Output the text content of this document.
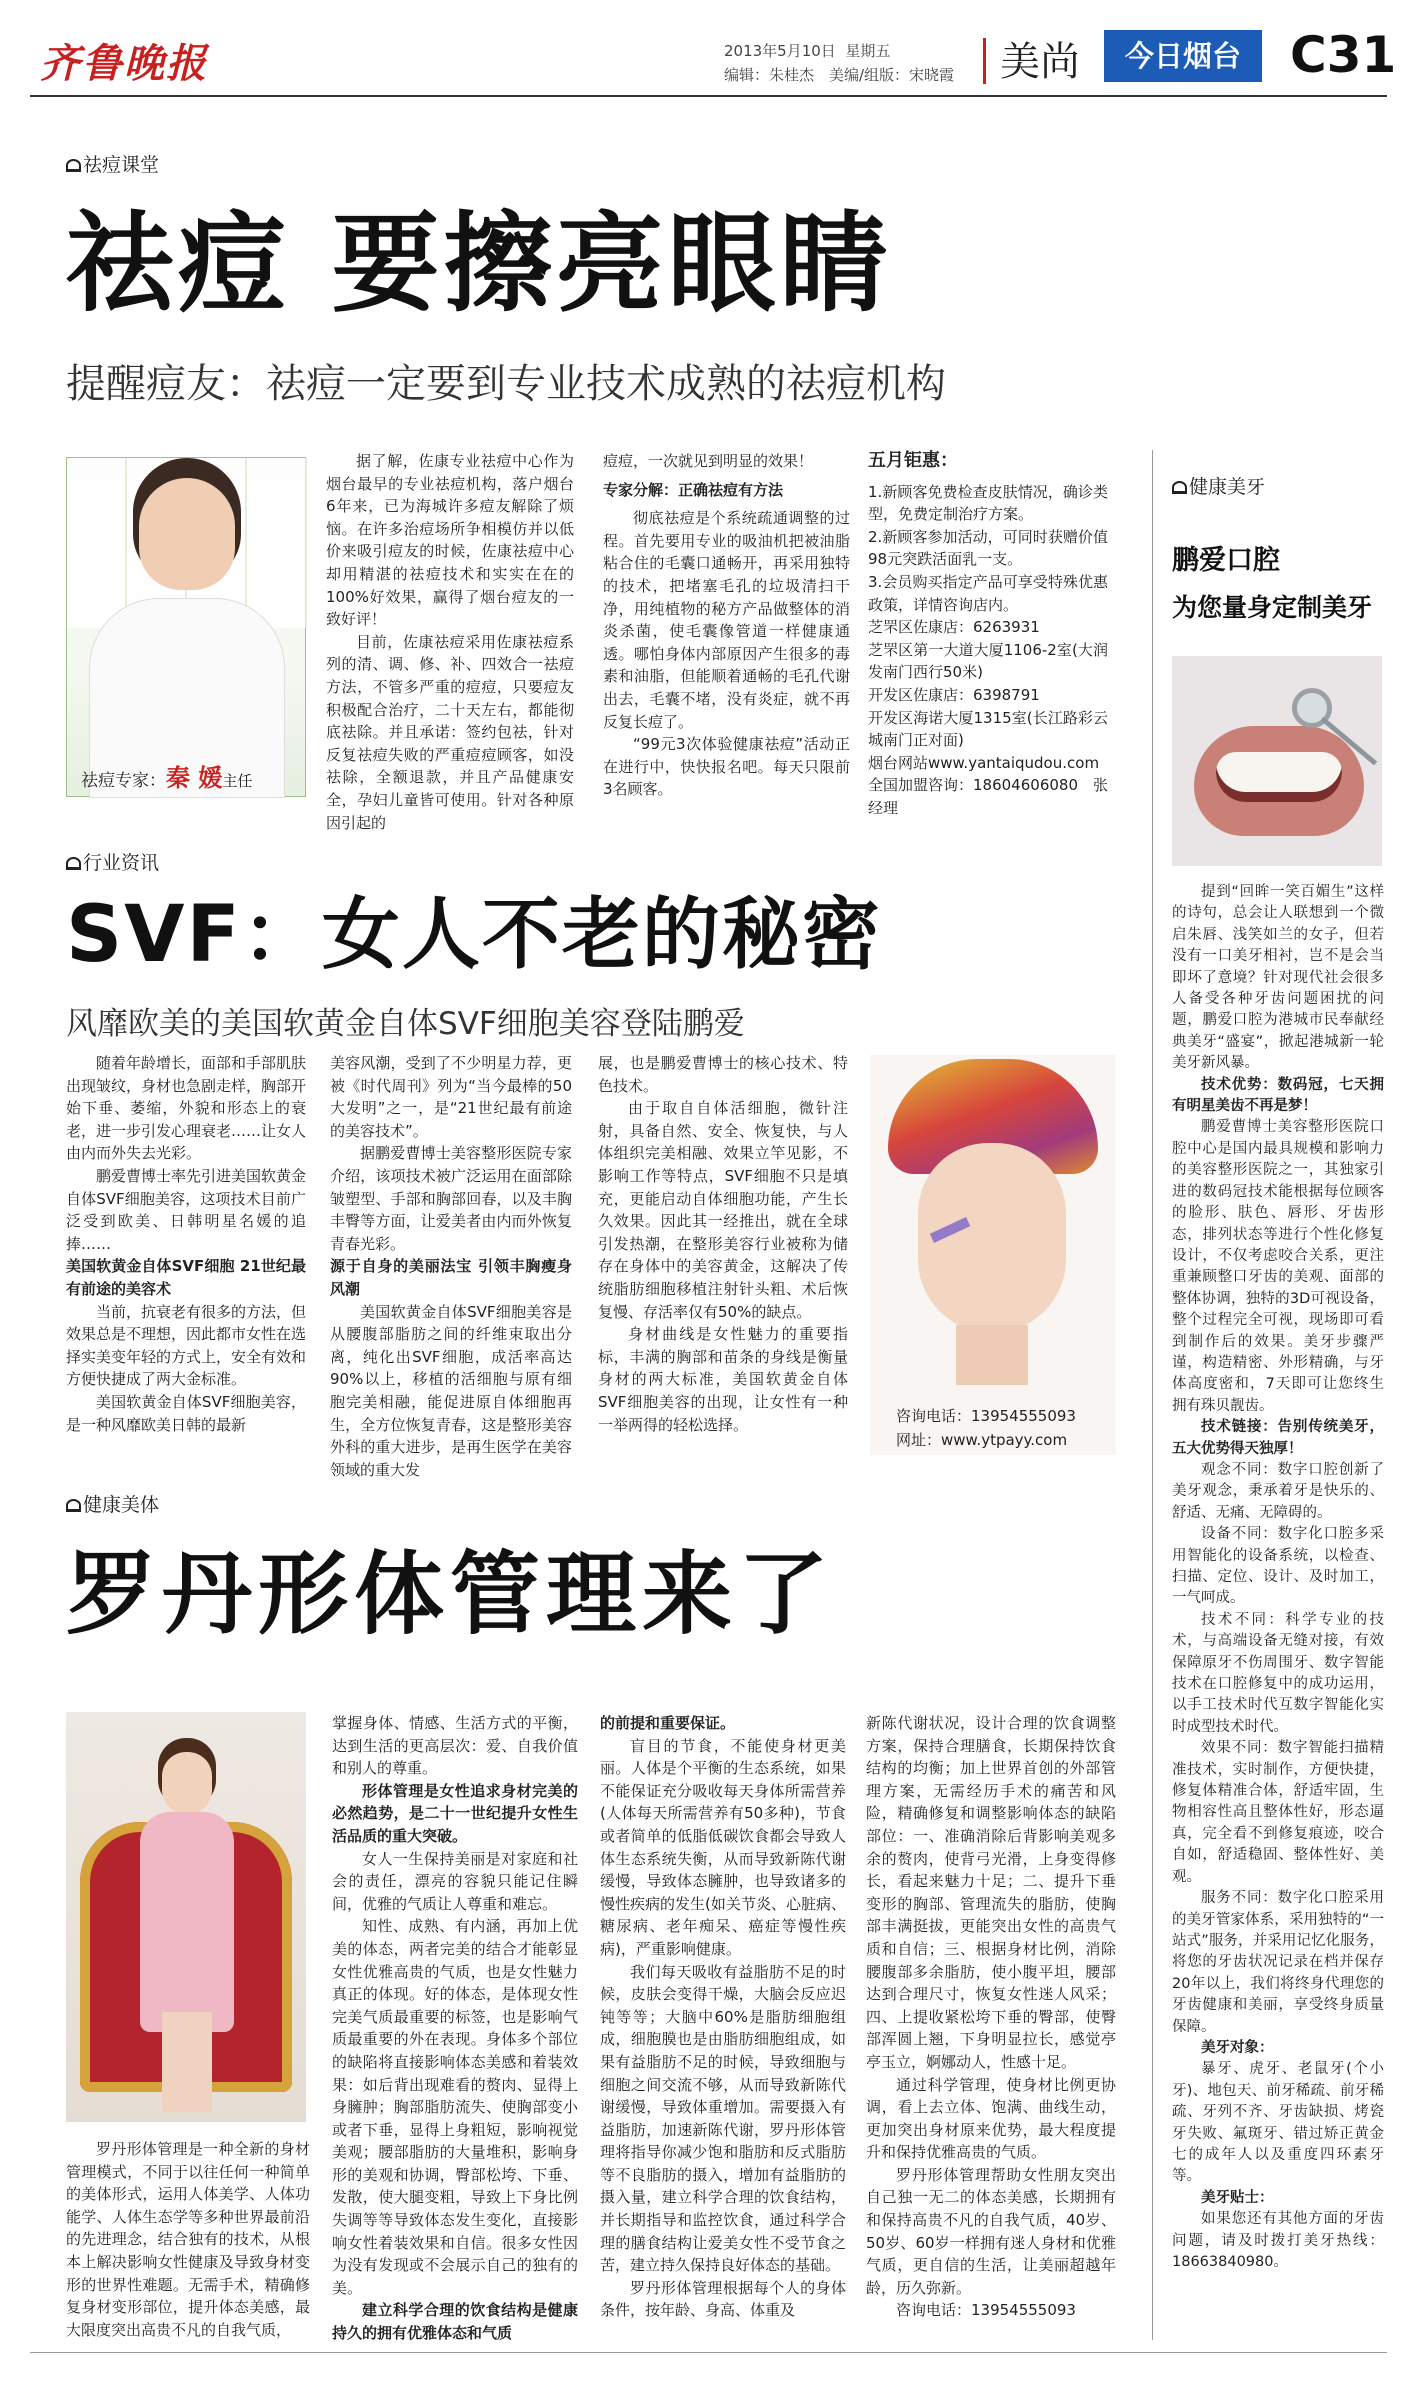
齐鲁晚报	2013年5月10日 星期五
编辑：朱桂杰　美编/组版：宋晓霞 美尚	今日烟台 C31
祛痘课堂
祛痘 要擦亮眼睛
提醒痘友：祛痘一定要到专业技术成熟的祛痘机构
祛痘专家：秦 媛主任

据了解，佐康专业祛痘中心作为烟台最早的专业祛痘机构，落户烟台6年来，已为海城许多痘友解除了烦恼。在许多治痘场所争相模仿并以低价来吸引痘友的时候，佐康祛痘中心却用精湛的祛痘技术和实实在在的100%好效果，赢得了烟台痘友的一致好评！

目前，佐康祛痘采用佐康祛痘系列的清、调、修、补、四效合一祛痘方法，不管多严重的痘痘，只要痘友积极配合治疗，二十天左右，都能彻底祛除。并且承诺：签约包祛，针对反复祛痘失败的严重痘痘顾客，如没祛除，全额退款，并且产品健康安全，孕妇儿童皆可使用。针对各种原因引起的

痘痘，一次就见到明显的效果！

专家分解：正确祛痘有方法

彻底祛痘是个系统疏通调整的过程。首先要用专业的吸油机把被油脂粘合住的毛囊口通畅开，再采用独特的技术，把堵塞毛孔的垃圾清扫干净，用纯植物的秘方产品做整体的消炎杀菌，使毛囊像管道一样健康通透。哪怕身体内部原因产生很多的毒素和油脂，但能顺着通畅的毛孔代谢出去，毛囊不堵，没有炎症，就不再反复长痘了。

“99元3次体验健康祛痘”活动正在进行中，快快报名吧。每天只限前3名顾客。

五月钜惠：

1.新顾客免费检查皮肤情况，确诊类型，免费定制治疗方案。

2.新顾客参加活动，可同时获赠价值98元突跌活面乳一支。

3.会员购买指定产品可享受特殊优惠政策，详情咨询店内。

芝罘区佐康店：6263931

芝罘区第一大道大厦1106-2室(大润发南门西行50米)

开发区佐康店：6398791

开发区海诺大厦1315室(长江路彩云城南门正对面)

烟台网站www.yantaiqudou.com

全国加盟咨询：18604606080　张经理

行业资讯
SVF：女人不老的秘密
风靡欧美的美国软黄金自体SVF细胞美容登陆鹏爱

随着年龄增长，面部和手部肌肤出现皱纹，身材也急剧走样，胸部开始下垂、萎缩，外貌和形态上的衰老，进一步引发心理衰老……让女人由内而外失去光彩。

鹏爱曹博士率先引进美国软黄金自体SVF细胞美容，这项技术目前广泛受到欧美、日韩明星名媛的追捧……

美国软黄金自体SVF细胞 21世纪最有前途的美容术

当前，抗衰老有很多的方法，但效果总是不理想，因此都市女性在选择实美变年轻的方式上，安全有效和方便快捷成了两大金标准。

美国软黄金自体SVF细胞美容，是一种风靡欧美日韩的最新

美容风潮，受到了不少明星力荐，更被《时代周刊》列为“当今最棒的50大发明”之一，是“21世纪最有前途的美容技术”。

据鹏爱曹博士美容整形医院专家介绍，该项技术被广泛运用在面部除皱塑型、手部和胸部回春，以及丰胸丰臀等方面，让爱美者由内而外恢复青春光彩。

源于自身的美丽法宝 引领丰胸瘦身风潮

美国软黄金自体SVF细胞美容是从腰腹部脂肪之间的纤维束取出分离，纯化出SVF细胞，成活率高达90%以上，移植的活细胞与原有细胞完美相融，能促进原自体细胞再生，全方位恢复青春，这是整形美容外科的重大进步，是再生医学在美容领域的重大发

展，也是鹏爱曹博士的核心技术、特色技术。

由于取自自体活细胞，微针注射，具备自然、安全、恢复快，与人体组织完美相融、效果立竿见影，不影响工作等特点，SVF细胞不只是填充，更能启动自体细胞功能，产生长久效果。因此其一经推出，就在全球引发热潮，在整形美容行业被称为储存在身体中的美容黄金，这解决了传统脂肪细胞移植注射针头粗、术后恢复慢、存活率仅有50%的缺点。

身材曲线是女性魅力的重要指标，丰满的胸部和苗条的身线是衡量身材的两大标准，美国软黄金自体SVF细胞美容的出现，让女性有一种一举两得的轻松选择。	咨询电话：13954555093
网址：www.ytpayy.com
健康美体
罗丹形体管理来了

罗丹形体管理是一种全新的身材管理模式，不同于以往任何一种简单的美体形式，运用人体美学、人体功能学、人体生态学等多种世界最前沿的先进理念，结合独有的技术，从根本上解决影响女性健康及导致身材变形的世界性难题。无需手术，精确修复身材变形部位，提升体态美感，最大限度突出高贵不凡的自我气质，

掌握身体、情感、生活方式的平衡，达到生活的更高层次：爱、自我价值和别人的尊重。

形体管理是女性追求身材完美的必然趋势，是二十一世纪提升女性生活品质的重大突破。

女人一生保持美丽是对家庭和社会的责任，漂亮的容貌只能记住瞬间，优雅的气质让人尊重和难忘。

知性、成熟、有内涵，再加上优美的体态，两者完美的结合才能彰显女性优雅高贵的气质，也是女性魅力真正的体现。好的体态，是体现女性完美气质最重要的标签，也是影响气质最重要的外在表现。身体多个部位的缺陷将直接影响体态美感和着装效果：如后背出现难看的赘肉、显得上身臃肿；胸部脂肪流失、使胸部变小或者下垂，显得上身粗短，影响视觉美观；腰部脂肪的大量堆积，影响身形的美观和协调，臀部松垮、下垂、发散，使大腿变粗，导致上下身比例失调等等导致体态发生变化，直接影响女性着装效果和自信。很多女性因为没有发现或不会展示自己的独有的美。

建立科学合理的饮食结构是健康持久的拥有优雅体态和气质

的前提和重要保证。

盲目的节食，不能使身材更美丽。人体是个平衡的生态系统，如果不能保证充分吸收每天身体所需营养(人体每天所需营养有50多种)，节食或者简单的低脂低碳饮食都会导致人体生态系统失衡，从而导致新陈代谢缓慢，导致体态臃肿，也导致诸多的慢性疾病的发生(如关节炎、心脏病、糖尿病、老年痴呆、癌症等慢性疾病)，严重影响健康。

我们每天吸收有益脂肪不足的时候，皮肤会变得干燥，大脑会反应迟钝等等；大脑中60%是脂肪细胞组成，细胞膜也是由脂肪细胞组成，如果有益脂肪不足的时候，导致细胞与细胞之间交流不够，从而导致新陈代谢缓慢，导致体重增加。需要摄入有益脂肪，加速新陈代谢，罗丹形体管理将指导你减少饱和脂肪和反式脂肪等不良脂肪的摄入，增加有益脂肪的摄入量，建立科学合理的饮食结构，并长期指导和监控饮食，通过科学合理的膳食结构让爱美女性不受节食之苦，建立持久保持良好体态的基础。

罗丹形体管理根据每个人的身体条件，按年龄、身高、体重及

新陈代谢状况，设计合理的饮食调整方案，保持合理膳食，长期保持饮食结构的均衡；加上世界首创的外部管理方案，无需经历手术的痛苦和风险，精确修复和调整影响体态的缺陷部位：一、准确消除后背影响美观多余的赘肉，使背弓光滑，上身变得修长，看起来魅力十足；二、提升下垂变形的胸部、管理流失的脂肪，使胸部丰满挺拔，更能突出女性的高贵气质和自信；三、根据身材比例，消除腰腹部多余脂肪，使小腹平坦，腰部达到合理尺寸，恢复女性迷人风采；四、上提收紧松垮下垂的臀部，使臀部浑圆上翘，下身明显拉长，感觉亭亭玉立，婀娜动人，性感十足。

通过科学管理，使身材比例更协调，看上去立体、饱满、曲线生动，更加突出身材原来优势，最大程度提升和保持优雅高贵的气质。

罗丹形体管理帮助女性朋友突出自己独一无二的体态美感，长期拥有和保持高贵不凡的自我气质，40岁、50岁、60岁一样拥有迷人身材和优雅气质，更自信的生活，让美丽超越年龄，历久弥新。

咨询电话：13954555093

健康美牙
鹏爱口腔
为您量身定制美牙

提到“回眸一笑百媚生”这样的诗句，总会让人联想到一个微启朱唇、浅笑如兰的女子，但若没有一口美牙相衬，岂不是会当即坏了意境？针对现代社会很多人备受各种牙齿问题困扰的问题，鹏爱口腔为港城市民奉献经典美牙“盛宴”，掀起港城新一轮美牙新风暴。

技术优势：数码冠，七天拥有明星美齿不再是梦！

鹏爱曹博士美容整形医院口腔中心是国内最具规模和影响力的美容整形医院之一，其独家引进的数码冠技术能根据每位顾客的脸形、肤色、唇形、牙齿形态，排列状态等进行个性化修复设计，不仅考虑咬合关系，更注重兼顾整口牙齿的美观、面部的整体协调，独特的3D可视设备，整个过程完全可视，现场即可看到制作后的效果。美牙步骤严谨，构造精密、外形精确，与牙体高度密和，7天即可让您终生拥有珠贝靓齿。

技术链接：告别传统美牙，五大优势得天独厚！

观念不同：数字口腔创新了美牙观念，秉承着牙是快乐的、舒适、无痛、无障碍的。

设备不同：数字化口腔多采用智能化的设备系统，以检查、扫描、定位、设计、及时加工，一气呵成。

技术不同：科学专业的技术，与高端设备无缝对接，有效保障原牙不伤周围牙、数字智能技术在口腔修复中的成功运用，以手工技术时代互数字智能化实时成型技术时代。

效果不同：数字智能扫描精准技术，实时制作，方便快捷，修复体精准合体，舒适牢固，生物相容性高且整体性好，形态逼真，完全看不到修复痕迹，咬合自如，舒适稳固、整体性好、美观。

服务不同：数字化口腔采用的美牙管家体系，采用独特的“一站式”服务，并采用记忆化服务，将您的牙齿状况记录在档并保存20年以上，我们将终身代理您的牙齿健康和美丽，享受终身质量保障。

美牙对象：

暴牙、虎牙、老鼠牙(个小牙)、地包天、前牙稀疏、前牙稀疏、牙列不齐、牙齿缺损、烤瓷牙失败、氟斑牙、错过矫正黄金七的成年人以及重度四环素牙等。

美牙贴士：

如果您还有其他方面的牙齿问题，请及时拨打美牙热线：18663840980。
